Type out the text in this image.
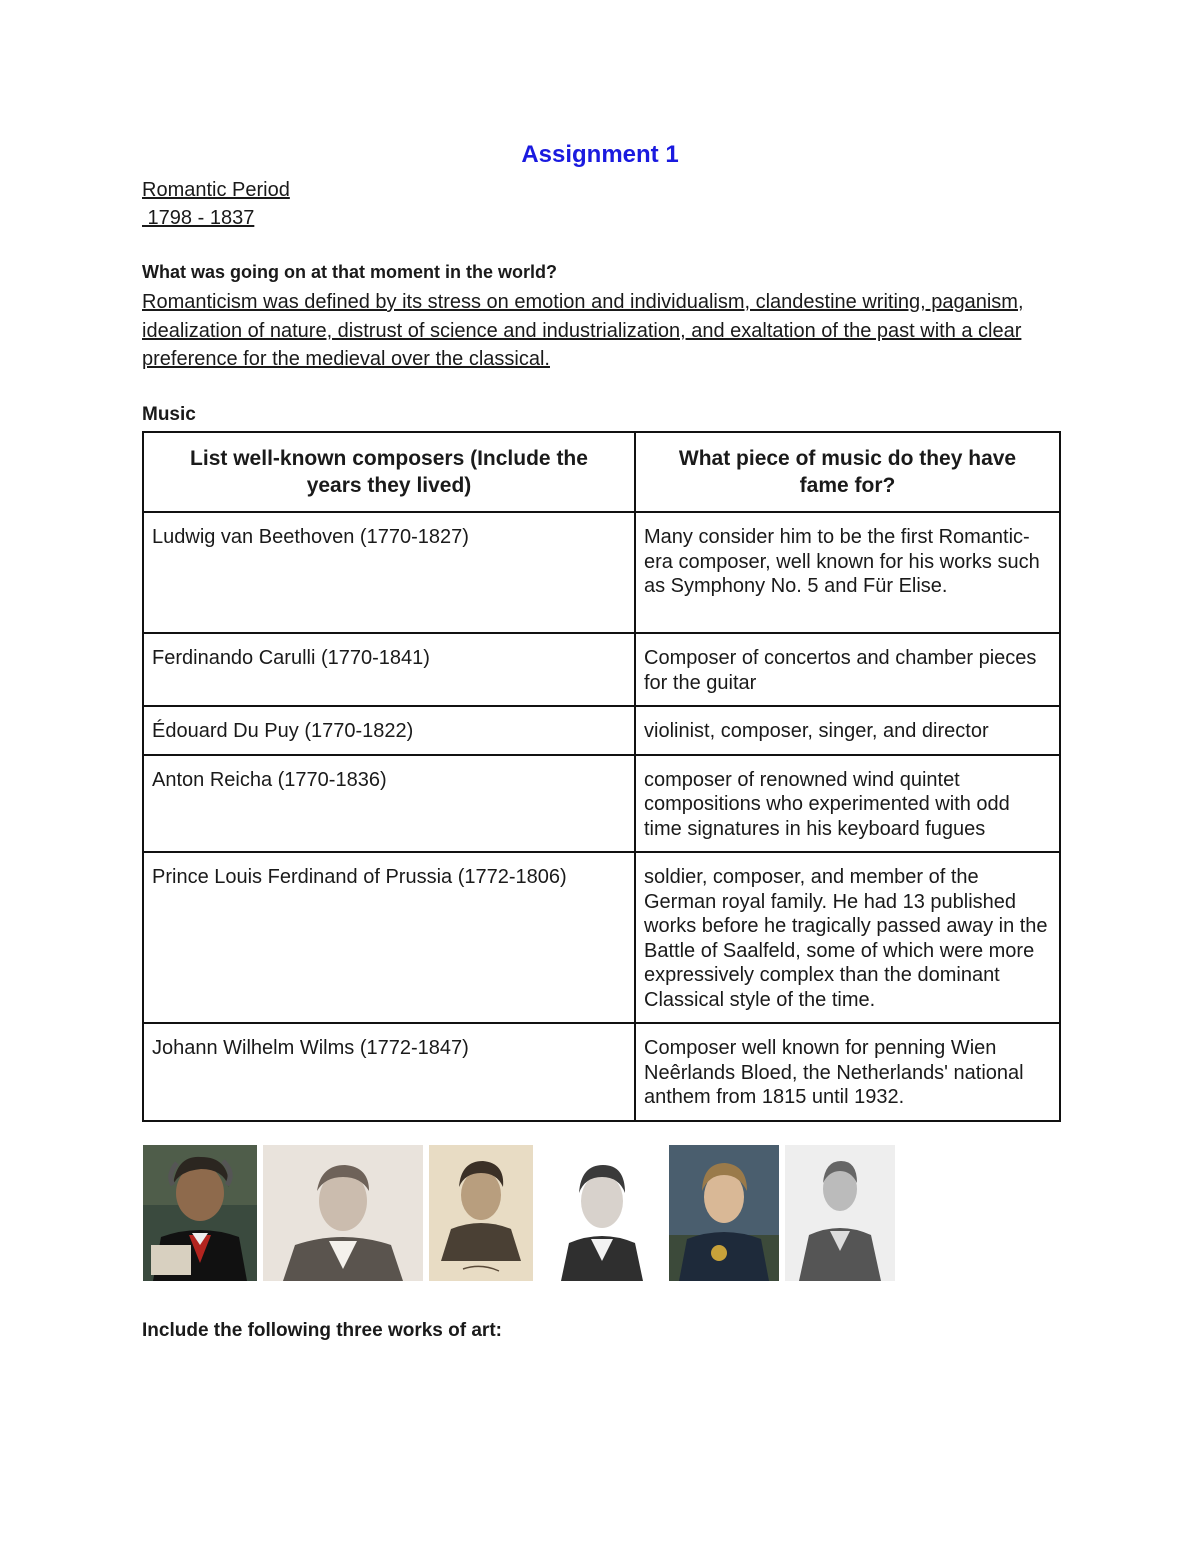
Assignment 1
Romantic Period
1798 - 1837
What was going on at that moment in the world?
Romanticism was defined by its stress on emotion and individualism, clandestine writing, paganism, idealization of nature, distrust of science and industrialization, and exaltation of the past with a clear preference for the medieval over the classical.
Music
List well-known composers (Include the years they lived)	What piece of music do they have fame for?
Ludwig van Beethoven (1770-1827)	Many consider him to be the first Romantic-era composer, well known for his works such as Symphony No. 5 and Für Elise.
Ferdinando Carulli (1770-1841)	Composer of concertos and chamber pieces for the guitar
Édouard Du Puy (1770-1822)	violinist, composer, singer, and director
Anton Reicha (1770-1836)	composer of renowned wind quintet compositions who experimented with odd time signatures in his keyboard fugues
Prince Louis Ferdinand of Prussia (1772-1806)	soldier, composer, and member of the German royal family. He had 13 published works before he tragically passed away in the Battle of Saalfeld, some of which were more expressively complex than the dominant Classical style of the time.
Johann Wilhelm Wilms (1772-1847)	Composer well known for penning Wien Neêrlands Bloed, the Netherlands' national anthem from 1815 until 1932.
Include the following three works of art:
